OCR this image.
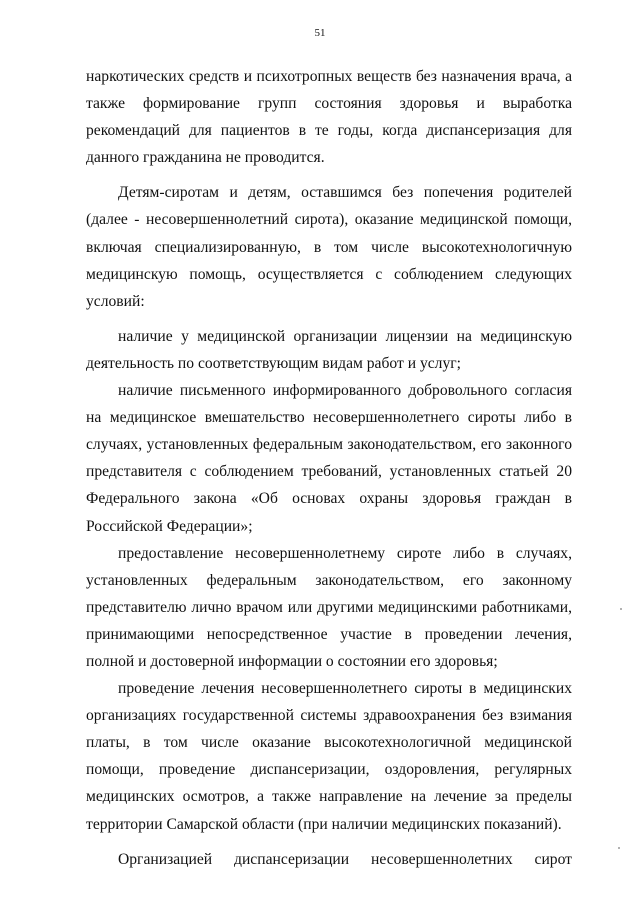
51

наркотических средств и психотропных веществ без назначения врача, а также формирование групп состояния здоровья и выработка рекомендаций для пациентов в те годы, когда диспансеризация для данного гражданина не проводится.

Детям-сиротам и детям, оставшимся без попечения родителей (далее - несовершеннолетний сирота), оказание медицинской помощи, включая специализированную, в том числе высокотехнологичную медицинскую помощь, осуществляется с соблюдением следующих условий:

наличие у медицинской организации лицензии на медицинскую деятельность по соответствующим видам работ и услуг;

наличие письменного информированного добровольного согласия на медицинское вмешательство несовершеннолетнего сироты либо в случаях, установленных федеральным законодательством, его законного представителя с соблюдением требований, установленных статьей 20 Федерального закона «Об основах охраны здоровья граждан в Российской Федерации»;

предоставление несовершеннолетнему сироте либо в случаях, установленных федеральным законодательством, его законному представителю лично врачом или другими медицинскими работниками, принимающими непосредственное участие в проведении лечения, полной и достоверной информации о состоянии его здоровья;

проведение лечения несовершеннолетнего сироты в медицинских организациях государственной системы здравоохранения без взимания платы, в том числе оказание высокотехнологичной медицинской помощи, проведение диспансеризации, оздоровления, регулярных медицинских осмотров, а также направление на лечение за пределы территории Самарской области (при наличии медицинских показаний).

Организацией диспансеризации несовершеннолетних сирот
